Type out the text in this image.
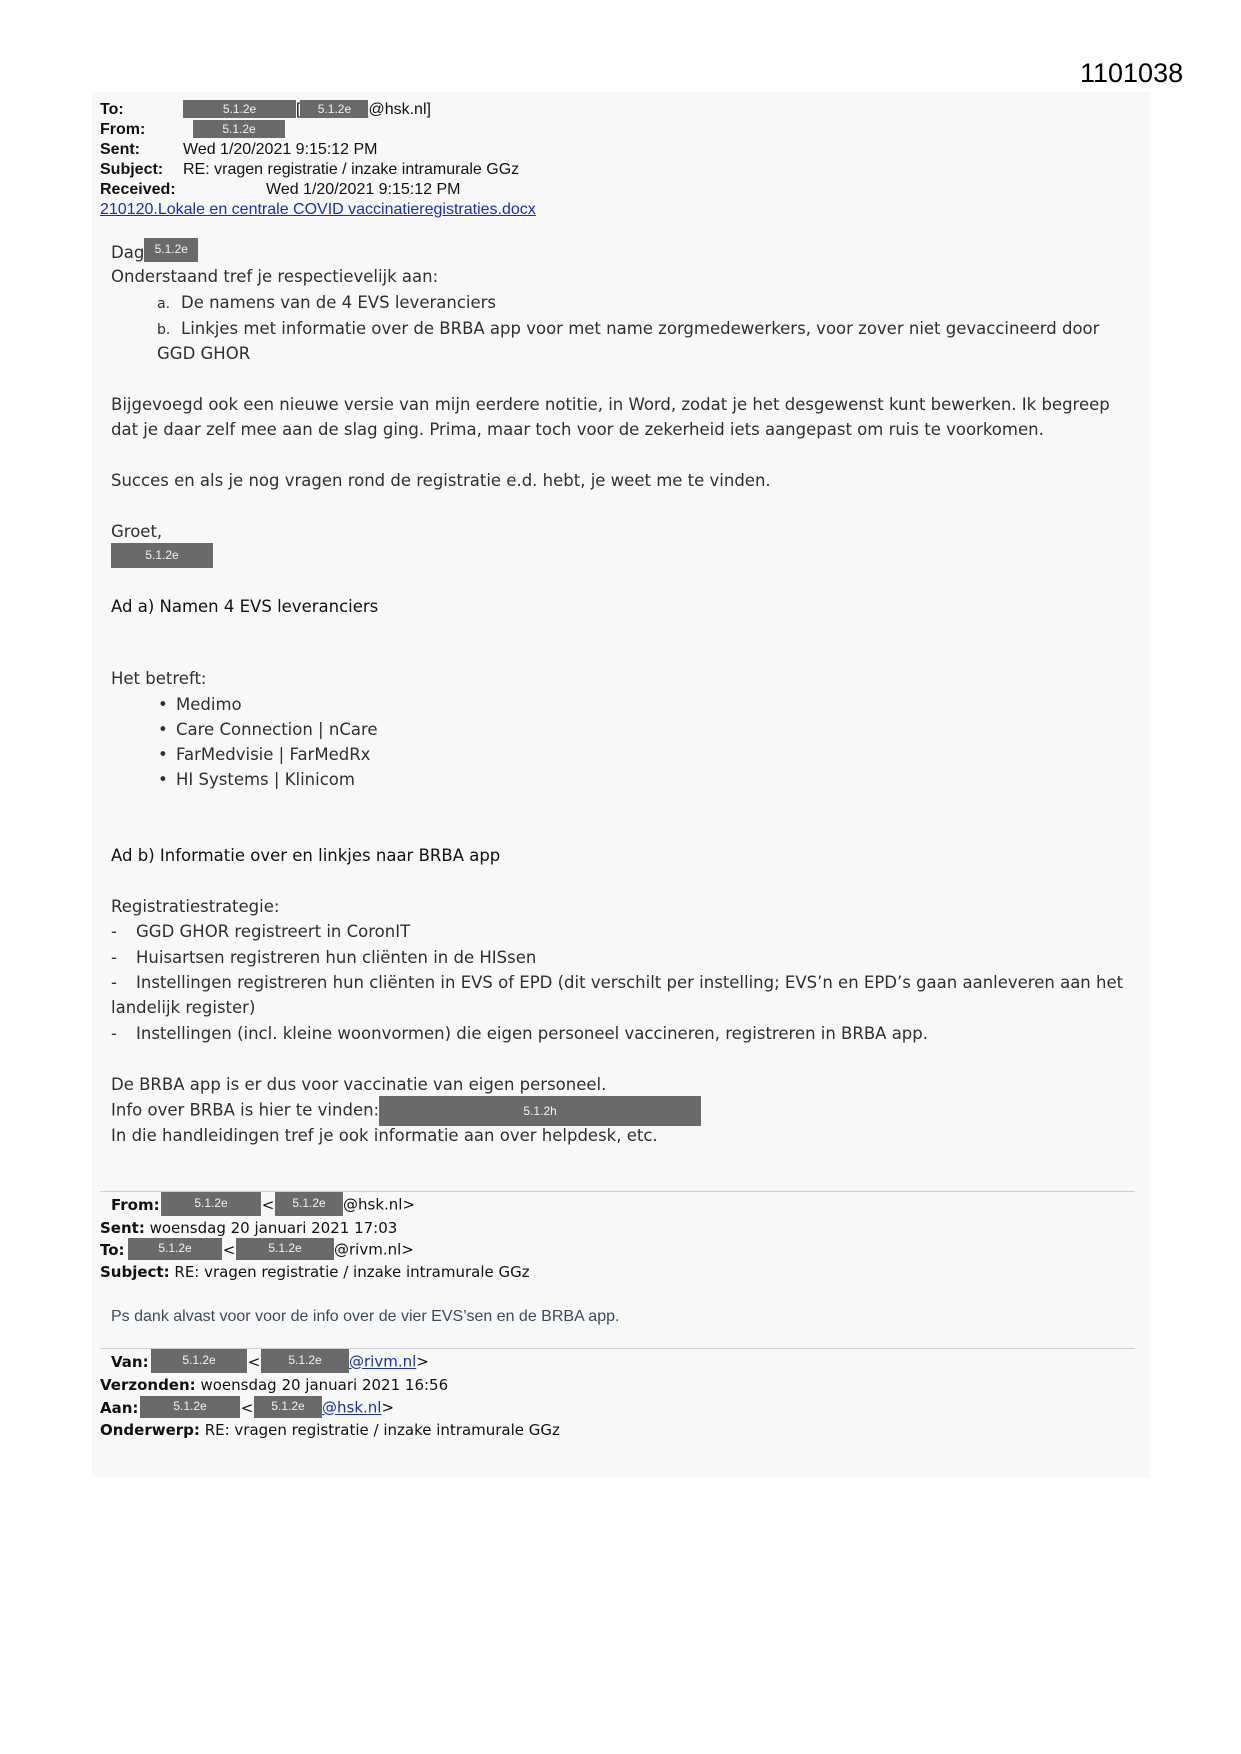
1101038
To:	5.1.2e [ 5.1.2e @hsk.nl]
From:	5.1.2e
Sent:	Wed 1/20/2021 9:15:12 PM
Subject: RE: vragen registratie / inzake intramurale GGz
Received:	Wed 1/20/2021 9:15:12 PM
210120.Lokale en centrale COVID vaccinatieregistraties.docx
Dag 5.1.2e
Onderstaand tref je respectievelijk aan:
a. De namens van de 4 EVS leveranciers
b. Linkjes met informatie over de BRBA app voor met name zorgmedewerkers, voor zover niet gevaccineerd door
GGD GHOR
Bijgevoegd ook een nieuwe versie van mijn eerdere notitie, in Word, zodat je het desgewenst kunt bewerken. Ik begreep
dat je daar zelf mee aan de slag ging. Prima, maar toch voor de zekerheid iets aangepast om ruis te voorkomen.
Succes en als je nog vragen rond de registratie e.d. hebt, je weet me te vinden.
Groet,
5.1.2e
Ad a) Namen 4 EVS leveranciers
Het betreft:
• Medimo
• Care Connection | nCare
• FarMedvisie | FarMedRx
• HI Systems | Klinicom
Ad b) Informatie over en linkjes naar BRBA app
Registratiestrategie:
- GGD GHOR registreert in CoronIT
- Huisartsen registreren hun cliënten in de HISsen
- Instellingen registreren hun cliënten in EVS of EPD (dit verschilt per instelling; EVS’n en EPD’s gaan aanleveren aan het
landelijk register)
- Instellingen (incl. kleine woonvormen) die eigen personeel vaccineren, registreren in BRBA app.
De BRBA app is er dus voor vaccinatie van eigen personeel.
Info over BRBA is hier te vinden:	5.1.2h
In die handleidingen tref je ook informatie aan over helpdesk, etc.
From:	5.1.2e < 5.1.2e @hsk.nl>
Sent: woensdag 20 januari 2021 17:03
To:	5.1.2e <	5.1.2e @rivm.nl>
Subject: RE: vragen registratie / inzake intramurale GGz
Ps dank alvast voor voor de info over de vier EVS’sen en de BRBA app.
Van:	5.1.2e < 5.1.2e @rivm.nl>
Verzonden: woensdag 20 januari 2021 16:56
Aan:	5.1.2e < 5.1.2e @hsk.nl>
Onderwerp: RE: vragen registratie / inzake intramurale GGz
